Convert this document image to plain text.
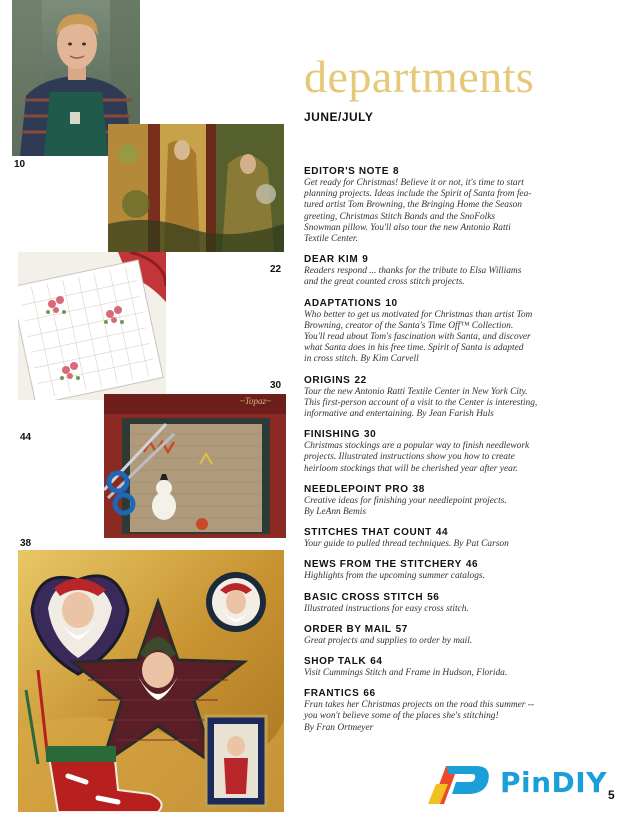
10
22
30
44
~Topaz~
38
departments
JUNE/JULY
EDITOR'S NOTE 8
Get ready for Christmas! Believe it or not, it's time to start
planning projects. Ideas include the Spirit of Santa from fea-
tured artist Tom Browning, the Bringing Home the Season
greeting, Christmas Stitch Bands and the SnoFolks
Snowman pillow. You'll also tour the new Antonio Ratti
Textile Center.
DEAR KIM 9
Readers respond ... thanks for the tribute to Elsa Williams
and the great counted cross stitch projects.
ADAPTATIONS 10
Who better to get us motivated for Christmas than artist Tom
Browning, creator of the Santa's Time Off™ Collection.
You'll read about Tom's fascination with Santa, and discover
what Santa does in his free time. Spirit of Santa is adapted
in cross stitch. By Kim Carvell
ORIGINS 22
Tour the new Antonio Ratti Textile Center in New York City.
This first-person account of a visit to the Center is interesting,
informative and entertaining. By Jean Farish Huls
FINISHING 30
Christmas stockings are a popular way to finish needlework
projects. Illustrated instructions show you how to create
heirloom stockings that will be cherished year after year.
NEEDLEPOINT PRO 38
Creative ideas for finishing your needlepoint projects.
By LeAnn Bemis
STITCHES THAT COUNT 44
Your guide to pulled thread techniques. By Pat Carson
NEWS FROM THE STITCHERY 46
Highlights from the upcoming summer catalogs.
BASIC CROSS STITCH 56
Illustrated instructions for easy cross stitch.
ORDER BY MAIL 57
Great projects and supplies to order by mail.
SHOP TALK 64
Visit Cummings Stitch and Frame in Hudson, Florida.
FRANTICS 66
Fran takes her Christmas projects on the road this summer --
you won't believe some of the places she's stitching!
By Fran Ortmeyer
5
PinDIY
